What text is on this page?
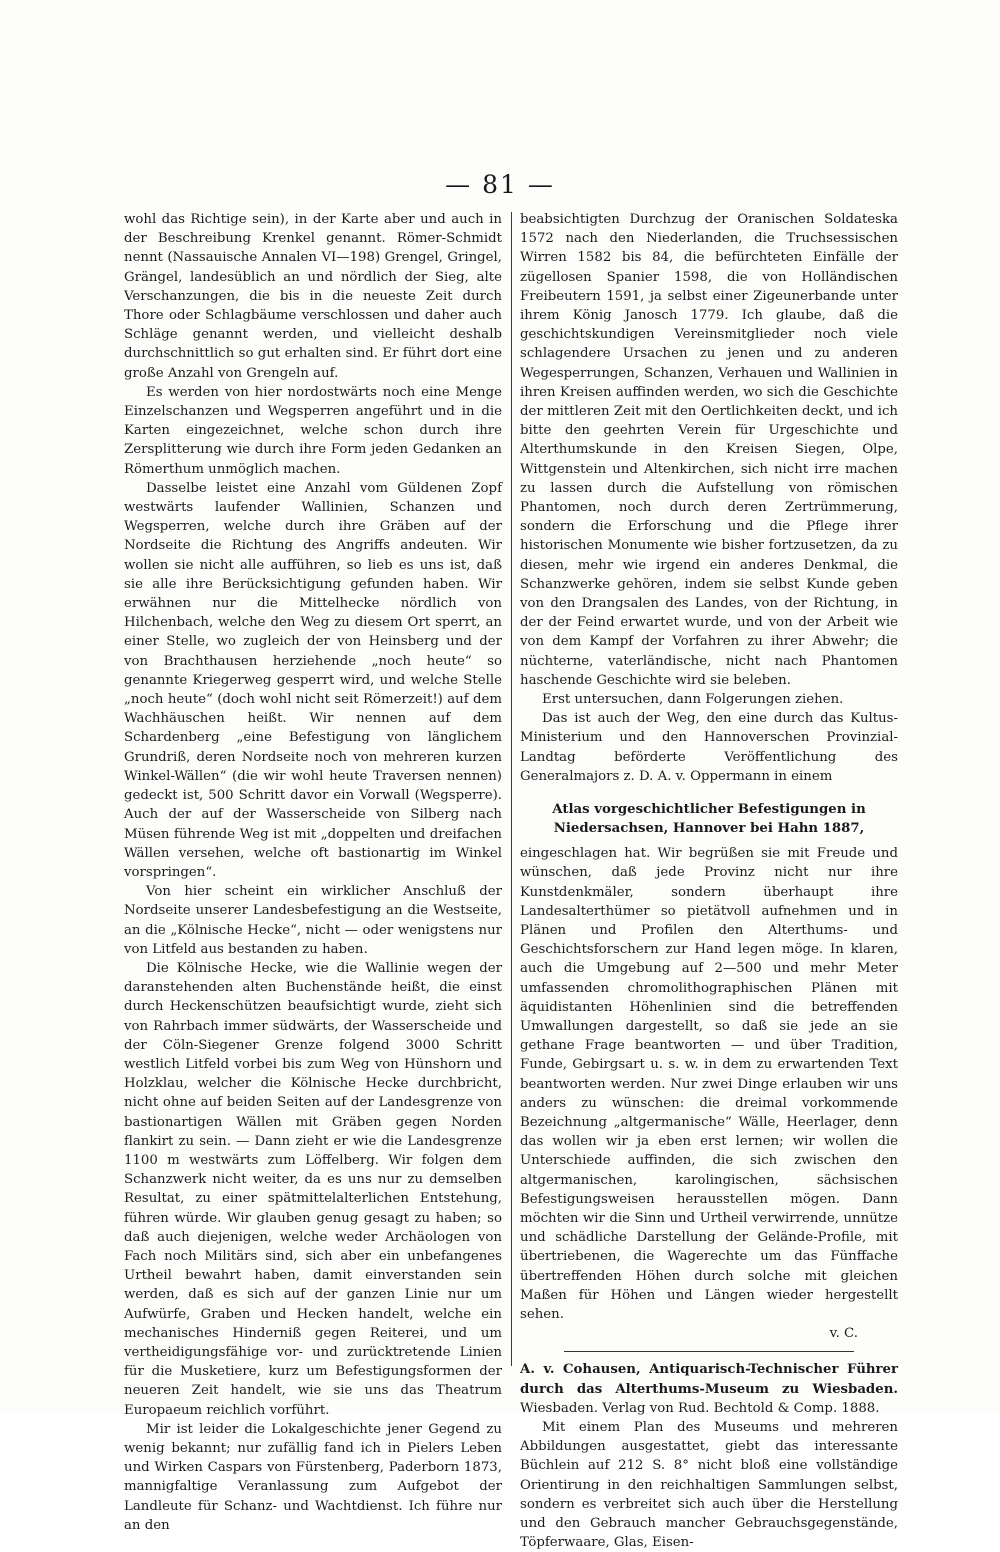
— 81 —

wohl das Richtige sein), in der Karte aber und auch in der Beschreibung Krenkel genannt. Römer-Schmidt nennt (Nassauische Annalen VI—198) Grengel, Gringel, Grängel, landesüblich an und nördlich der Sieg, alte Verschanzungen, die bis in die neueste Zeit durch Thore oder Schlagbäume verschlossen und daher auch Schläge genannt werden, und vielleicht deshalb durchschnittlich so gut erhalten sind. Er führt dort eine große Anzahl von Grengeln auf.

Es werden von hier nordostwärts noch eine Menge Einzelschanzen und Wegsperren angeführt und in die Karten eingezeichnet, welche schon durch ihre Zersplitterung wie durch ihre Form jeden Gedanken an Römerthum unmöglich machen.

Dasselbe leistet eine Anzahl vom Güldenen Zopf westwärts laufender Wallinien, Schanzen und Wegsperren, welche durch ihre Gräben auf der Nordseite die Richtung des Angriffs andeuten. Wir wollen sie nicht alle aufführen, so lieb es uns ist, daß sie alle ihre Berücksichtigung gefunden haben. Wir erwähnen nur die Mittelhecke nördlich von Hilchenbach, welche den Weg zu diesem Ort sperrt, an einer Stelle, wo zugleich der von Heinsberg und der von Brachthausen herziehende „noch heute“ so genannte Kriegerweg gesperrt wird, und welche Stelle „noch heute“ (doch wohl nicht seit Römerzeit!) auf dem Wachhäuschen heißt. Wir nennen auf dem Schardenberg „eine Befestigung von länglichem Grundriß, deren Nordseite noch von mehreren kurzen Winkel-Wällen“ (die wir wohl heute Traversen nennen) gedeckt ist, 500 Schritt davor ein Vorwall (Wegsperre). Auch der auf der Wasserscheide von Silberg nach Müsen führende Weg ist mit „doppelten und dreifachen Wällen versehen, welche oft bastionartig im Winkel vorspringen“.

Von hier scheint ein wirklicher Anschluß der Nordseite unserer Landesbefestigung an die Westseite, an die „Kölnische Hecke“, nicht — oder wenigstens nur von Litfeld aus bestanden zu haben.

Die Kölnische Hecke, wie die Wallinie wegen der daranstehenden alten Buchenstände heißt, die einst durch Heckenschützen beaufsichtigt wurde, zieht sich von Rahrbach immer südwärts, der Wasserscheide und der Cöln-Siegener Grenze folgend 3000 Schritt westlich Litfeld vorbei bis zum Weg von Hünshorn und Holzklau, welcher die Kölnische Hecke durchbricht, nicht ohne auf beiden Seiten auf der Landesgrenze von bastionartigen Wällen mit Gräben gegen Norden flankirt zu sein. — Dann zieht er wie die Landesgrenze 1100 m westwärts zum Löffelberg. Wir folgen dem Schanzwerk nicht weiter, da es uns nur zu demselben Resultat, zu einer spätmittelalterlichen Entstehung, führen würde. Wir glauben genug gesagt zu haben; so daß auch diejenigen, welche weder Archäologen von Fach noch Militärs sind, sich aber ein unbefangenes Urtheil bewahrt haben, damit einverstanden sein werden, daß es sich auf der ganzen Linie nur um Aufwürfe, Graben und Hecken handelt, welche ein mechanisches Hinderniß gegen Reiterei, und um vertheidigungsfähige vor- und zurücktretende Linien für die Musketiere, kurz um Befestigungsformen der neueren Zeit handelt, wie sie uns das Theatrum Europaeum reichlich vorführt.

Mir ist leider die Lokalgeschichte jener Gegend zu wenig bekannt; nur zufällig fand ich in Pielers Leben und Wirken Caspars von Fürstenberg, Paderborn 1873, mannigfaltige Veranlassung zum Aufgebot der Landleute für Schanz- und Wachtdienst. Ich führe nur an den

beabsichtigten Durchzug der Oranischen Soldateska 1572 nach den Niederlanden, die Truchsessischen Wirren 1582 bis 84, die befürchteten Einfälle der zügellosen Spanier 1598, die von Holländischen Freibeutern 1591, ja selbst einer Zigeunerbande unter ihrem König Janosch 1779. Ich glaube, daß die geschichtskundigen Vereinsmitglieder noch viele schlagendere Ursachen zu jenen und zu anderen Wegesperrungen, Schanzen, Verhauen und Wallinien in ihren Kreisen auffinden werden, wo sich die Geschichte der mittleren Zeit mit den Oertlichkeiten deckt, und ich bitte den geehrten Verein für Urgeschichte und Alterthumskunde in den Kreisen Siegen, Olpe, Wittgenstein und Altenkirchen, sich nicht irre machen zu lassen durch die Aufstellung von römischen Phantomen, noch durch deren Zertrümmerung, sondern die Erforschung und die Pflege ihrer historischen Monumente wie bisher fortzusetzen, da zu diesen, mehr wie irgend ein anderes Denkmal, die Schanzwerke gehören, indem sie selbst Kunde geben von den Drangsalen des Landes, von der Richtung, in der der Feind erwartet wurde, und von der Arbeit wie von dem Kampf der Vorfahren zu ihrer Abwehr; die nüchterne, vaterländische, nicht nach Phantomen haschende Geschichte wird sie beleben.

Erst untersuchen, dann Folgerungen ziehen.

Das ist auch der Weg, den eine durch das Kultus-Ministerium und den Hannoverschen Provinzial-Landtag beförderte Veröffentlichung des Generalmajors z. D. A. v. Oppermann in einem

Atlas vorgeschichtlicher Befestigungen in Niedersachsen, Hannover bei Hahn 1887,

eingeschlagen hat. Wir begrüßen sie mit Freude und wünschen, daß jede Provinz nicht nur ihre Kunstdenkmäler, sondern überhaupt ihre Landesalterthümer so pietätvoll aufnehmen und in Plänen und Profilen den Alterthums- und Geschichtsforschern zur Hand legen möge. In klaren, auch die Umgebung auf 2—500 und mehr Meter umfassenden chromolithographischen Plänen mit äquidistanten Höhenlinien sind die betreffenden Umwallungen dargestellt, so daß sie jede an sie gethane Frage beantworten — und über Tradition, Funde, Gebirgsart u. s. w. in dem zu erwartenden Text beantworten werden. Nur zwei Dinge erlauben wir uns anders zu wünschen: die dreimal vorkommende Bezeichnung „altgermanische“ Wälle, Heerlager, denn das wollen wir ja eben erst lernen; wir wollen die Unterschiede auffinden, die sich zwischen den altgermanischen, karolingischen, sächsischen Befestigungsweisen herausstellen mögen. Dann möchten wir die Sinn und Urtheil verwirrende, unnütze und schädliche Darstellung der Gelände-Profile, mit übertriebenen, die Wagerechte um das Fünffache übertreffenden Höhen durch solche mit gleichen Maßen für Höhen und Längen wieder hergestellt sehen.

v. C.

A. v. Cohausen, Antiquarisch-Technischer Führer durch das Alterthums-Museum zu Wiesbaden. Wiesbaden. Verlag von Rud. Bechtold & Comp. 1888.

Mit einem Plan des Museums und mehreren Abbildungen ausgestattet, giebt das interessante Büchlein auf 212 S. 8° nicht bloß eine vollständige Orientirung in den reichhaltigen Sammlungen selbst, sondern es verbreitet sich auch über die Herstellung und den Gebrauch mancher Gebrauchsgegenstände, Töpferwaare, Glas, Eisen-
